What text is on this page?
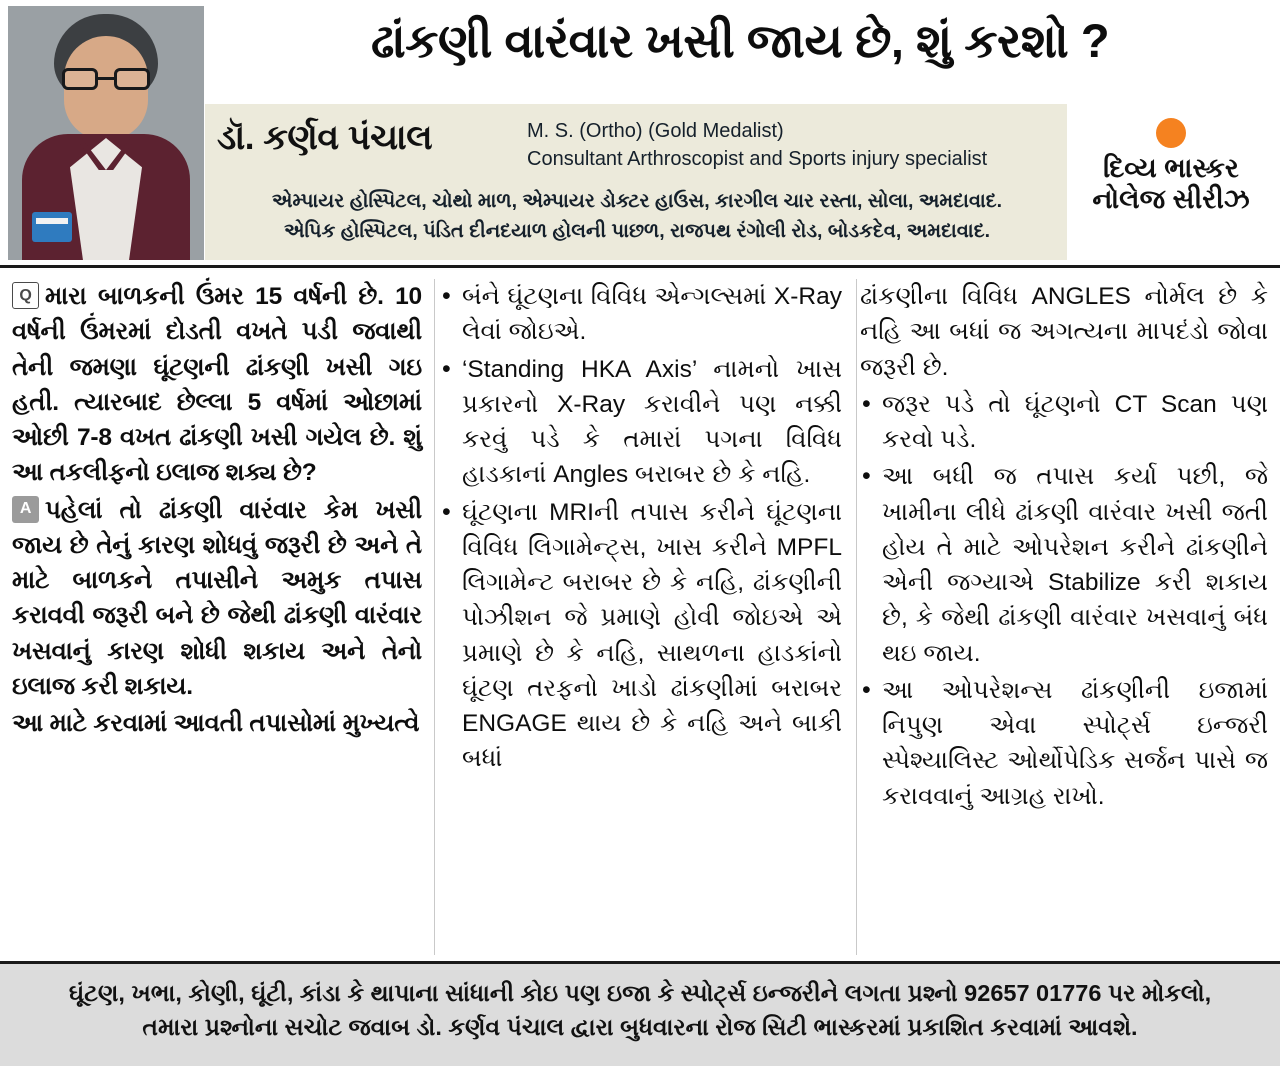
ઢાંકણી વારંવાર ખસી જાય છે, શું કરશો ?
ડૉ. કર્ણવ પંચાલ	M. S. (Ortho) (Gold Medalist)
Consultant Arthroscopist and Sports injury specialist
એમ્પાયર હોસ્પિટલ, ચોથો માળ, એમ્પાયર ડોક્ટર હાઉસ, કારગીલ ચાર રસ્તા, સોલા, અમદાવાદ.
એપિક હોસ્પિટલ, પંડિત દીનદયાળ હોલની પાછળ, રાજપથ રંગોલી રોડ, બોડકદેવ, અમદાવાદ.
દિવ્ય ભાસ્કર
નોલેજ સીરીઝ

Q મારા બાળકની ઉંમર 15 વર્ષની છે. 10 વર્ષની ઉંમરમાં દોડતી વખતે પડી જવાથી તેની જમણા ઘૂંટણની ઢાંકણી ખસી ગઇ હતી. ત્યારબાદ છેલ્લા 5 વર્ષમાં ઓછામાં ઓછી 7-8 વખત ઢાંકણી ખસી ગયેલ છે. શું આ તકલીફનો ઇલાજ શક્ય છે?

A પહેલાં તો ઢાંકણી વારંવાર કેમ ખસી જાય છે તેનું કારણ શોધવું જરૂરી છે અને તે માટે બાળકને તપાસીને અમુક તપાસ કરાવવી જરૂરી બને છે જેથી ઢાંકણી વારંવાર ખસવાનું કારણ શોધી શકાય અને તેનો ઇલાજ કરી શકાય.

આ માટે કરવામાં આવતી તપાસોમાં મુખ્યત્વે

• બંને ઘૂંટણના વિવિધ એન્ગલ્સમાં X-Ray લેવાં જોઇએ.
• ‘Standing HKA Axis’ નામનો ખાસ પ્રકારનો X-Ray કરાવીને પણ નક્કી કરવું પડે કે તમારાં પગના વિવિધ હાડકાનાં Angles બરાબર છે કે નહિ.
• ઘૂંટણના MRIની તપાસ કરીને ઘૂંટણના વિવિધ લિગામેન્ટ્સ, ખાસ કરીને MPFL લિગામેન્ટ બરાબર છે કે નહિ, ઢાંકણીની પોઝીશન જે પ્રમાણે હોવી જોઇએ એ પ્રમાણે છે કે નહિ, સાથળના હાડકાંનો ઘૂંટણ તરફનો ખાડો ઢાંકણીમાં બરાબર ENGAGE થાય છે કે નહિ અને બાકી બધાં
ઢાંકણીના વિવિધ ANGLES નોર્મલ છે કે નહિ આ બધાં જ અગત્યના માપદંડો જોવા જરૂરી છે.
• જરૂર પડે તો ઘૂંટણનો CT Scan પણ કરવો પડે.
• આ બધી જ તપાસ કર્યા પછી, જે ખામીના લીધે ઢાંકણી વારંવાર ખસી જતી હોય તે માટે ઓપરેશન કરીને ઢાંકણીને એની જગ્યાએ Stabilize કરી શકાય છે, કે જેથી ઢાંકણી વારંવાર ખસવાનું બંધ થઇ જાય.
• આ ઓપરેશન્સ ઢાંકણીની ઇજામાં નિપુણ એવા સ્પોર્ટ્સ ઇન્જરી સ્પેશ્યાલિસ્ટ ઓર્થોપેડિક સર્જન પાસે જ કરાવવાનું આગ્રહ રાખો.
ઘૂંટણ, ખભા, કોણી, ઘૂંટી, કાંડા કે થાપાના સાંધાની કોઇ પણ ઇજા કે સ્પોર્ટ્સ ઇન્જરીને લગતા પ્રશ્નો 92657 01776 પર મોકલો,
તમારા પ્રશ્નોના સચોટ જવાબ ડો. કર્ણવ પંચાલ દ્વારા બુધવારના રોજ સિટી ભાસ્કરમાં પ્રકાશિત કરવામાં આવશે.
